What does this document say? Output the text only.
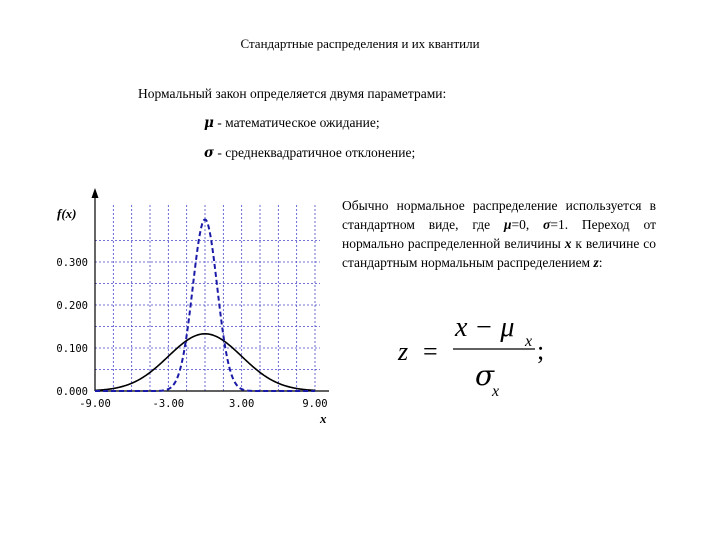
Стандартные распределения и их квантили
Нормальный закон определяется двумя параметрами:
μ - математическое ожидание;
σ - среднеквадратичное отклонение;
Обычно нормальное распределение используется в стандартном виде, где μ=0, σ=1. Переход от нормально распределенной величины x к величине со стандартным нормальным распределением z:
-9.00	-3.00	3.00	9.00
0.000
0.100
0.200
0.300
f(x)
x
z =
x − μ x
σ
x
;
